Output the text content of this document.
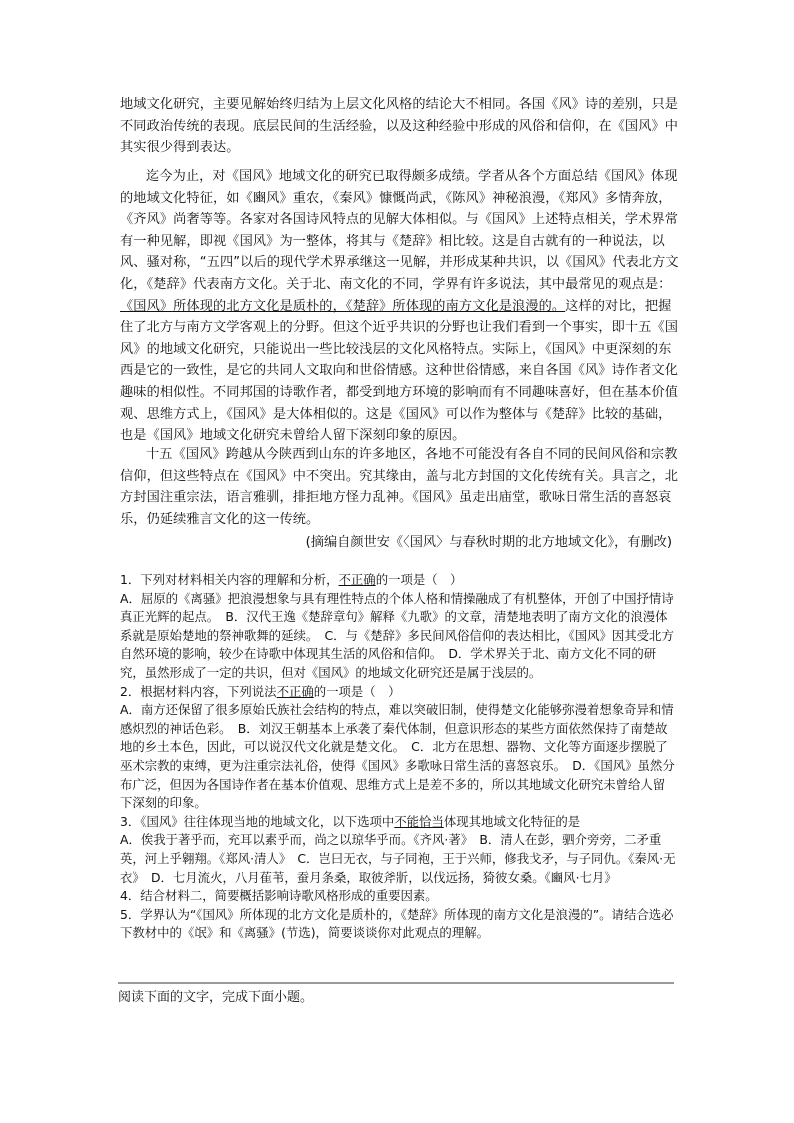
地域文化研究，主要见解始终归结为上层文化风格的结论大不相同。各国《风》诗的差别，只是不同政治传统的表现。底层民间的生活经验，以及这种经验中形成的风俗和信仰，在《国风》中其实很少得到表达。

迄今为止，对《国风》地域文化的研究已取得颇多成绩。学者从各个方面总结《国风》体现的地域文化特征，如《豳风》重农，《秦风》慷慨尚武，《陈风》神秘浪漫，《郑风》多情奔放，《齐风》尚奢等等。各家对各国诗风特点的见解大体相似。与《国风》上述特点相关，学术界常有一种见解，即视《国风》为一整体，将其与《楚辞》相比较。这是自古就有的一种说法，以风、骚对称，“五四”以后的现代学术界承继这一见解，并形成某种共识，以《国风》代表北方文化，《楚辞》代表南方文化。关于北、南文化的不同，学界有许多说法，其中最常见的观点是：《国风》所体现的北方文化是质朴的，《楚辞》所体现的南方文化是浪漫的。这样的对比，把握住了北方与南方文学客观上的分野。但这个近乎共识的分野也让我们看到一个事实，即十五《国风》的地域文化研究，只能说出一些比较浅层的文化风格特点。实际上，《国风》中更深刻的东西是它的一致性，是它的共同人文取向和世俗情感。这种世俗情感，来自各国《风》诗作者文化趣味的相似性。不同邦国的诗歌作者，都受到地方环境的影响而有不同趣味喜好，但在基本价值观、思维方式上，《国风》是大体相似的。这是《国风》可以作为整体与《楚辞》比较的基础，也是《国风》地域文化研究未曾给人留下深刻印象的原因。

十五《国风》跨越从今陕西到山东的许多地区，各地不可能没有各自不同的民间风俗和宗教信仰，但这些特点在《国风》中不突出。究其缘由，盖与北方封国的文化传统有关。具言之，北方封国注重宗法，语言雅驯，排拒地方怪力乱神。《国风》虽走出庙堂，歌咏日常生活的喜怒哀乐，仍延续雅言文化的这一传统。

(摘编自颜世安《〈国风〉与春秋时期的北方地域文化》，有删改)

1．下列对材料相关内容的理解和分析，不正确的一项是（　）

A．屈原的《离骚》把浪漫想象与具有理性特点的个体人格和情操融成了有机整体，开创了中国抒情诗真正光辉的起点。　B．汉代王逸《楚辞章句》解释《九歌》的文章，清楚地表明了南方文化的浪漫体系就是原始楚地的祭神歌舞的延续。　C．与《楚辞》多民间风俗信仰的表达相比，《国风》因其受北方自然环境的影响，较少在诗歌中体现其生活的风俗和信仰。　D．学术界关于北、南方文化不同的研究，虽然形成了一定的共识，但对《国风》的地域文化研究还是属于浅层的。

2．根据材料内容，下列说法不正确的一项是（　）

A．南方还保留了很多原始氏族社会结构的特点，难以突破旧制，使得楚文化能够弥漫着想象奇异和情感炽烈的神话色彩。　B．刘汉王朝基本上承袭了秦代体制，但意识形态的某些方面依然保持了南楚故地的乡土本色，因此，可以说汉代文化就是楚文化。　C．北方在思想、器物、文化等方面逐步摆脱了巫术宗教的束缚，更为注重宗法礼俗，使得《国风》多歌咏日常生活的喜怒哀乐。　D．《国风》虽然分布广泛，但因为各国诗作者在基本价值观、思维方式上是差不多的，所以其地域文化研究未曾给人留下深刻的印象。

3．《国风》往往体现当地的地域文化，以下选项中不能恰当体现其地域文化特征的是

A．俟我于著乎而，充耳以素乎而，尚之以琼华乎而。《齐风·著》　B．清人在彭，驷介旁旁，二矛重英，河上乎翱翔。《郑风·清人》　C．岂曰无衣，与子同袍，王于兴师，修我戈矛，与子同仇。《秦风·无衣》　D．七月流火，八月萑苇，蚕月条桑，取彼斧斨，以伐远扬，猗彼女桑。《豳风·七月》

4．结合材料二，简要概括影响诗歌风格形成的重要因素。

5．学界认为“《国风》所体现的北方文化是质朴的，《楚辞》所体现的南方文化是浪漫的”。请结合选必下教材中的《氓》和《离骚》(节选)，简要谈谈你对此观点的理解。

阅读下面的文字，完成下面小题。
